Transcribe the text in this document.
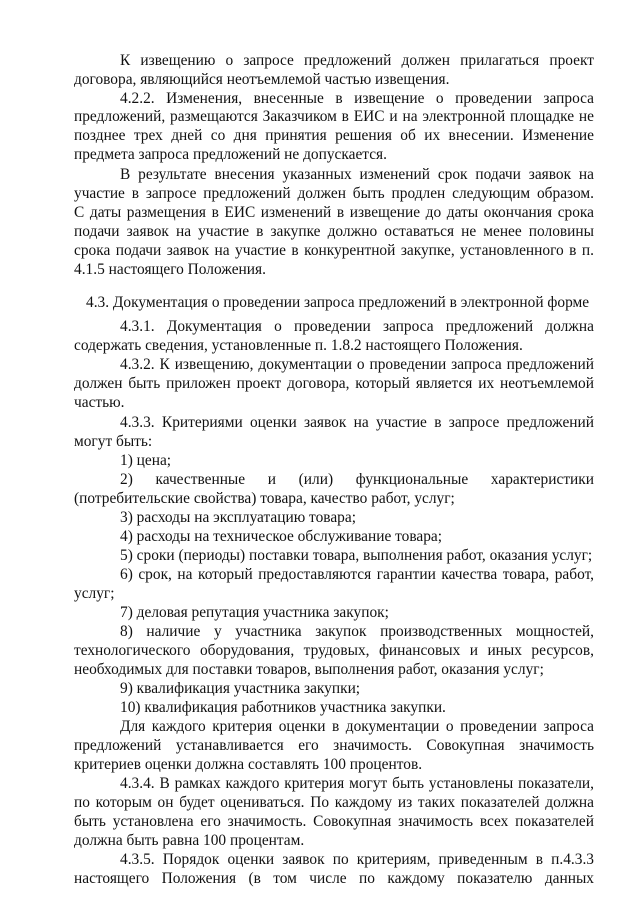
К извещению о запросе предложений должен прилагаться проект
договора, являющийся неотъемлемой частью извещения.
4.2.2. Изменения, внесенные в извещение о проведении запроса
предложений, размещаются Заказчиком в ЕИС и на электронной площадке не
позднее трех дней со дня принятия решения об их внесении. Изменение
предмета запроса предложений не допускается.
В результате внесения указанных изменений срок подачи заявок на
участие в запросе предложений должен быть продлен следующим образом.
С даты размещения в ЕИС изменений в извещение до даты окончания срока
подачи заявок на участие в закупке должно оставаться не менее половины
срока подачи заявок на участие в конкурентной закупке, установленного в п.
4.1.5 настоящего Положения.
4.3. Документация о проведении запроса предложений в электронной форме
4.3.1. Документация о проведении запроса предложений должна
содержать сведения, установленные п. 1.8.2 настоящего Положения.
4.3.2. К извещению, документации о проведении запроса предложений
должен быть приложен проект договора, который является их неотъемлемой
частью.
4.3.3. Критериями оценки заявок на участие в запросе предложений
могут быть:
1) цена;
2) качественные и (или) функциональные характеристики
(потребительские свойства) товара, качество работ, услуг;
3) расходы на эксплуатацию товара;
4) расходы на техническое обслуживание товара;
5) сроки (периоды) поставки товара, выполнения работ, оказания услуг;
6) срок, на который предоставляются гарантии качества товара, работ,
услуг;
7) деловая репутация участника закупок;
8) наличие у участника закупок производственных мощностей,
технологического оборудования, трудовых, финансовых и иных ресурсов,
необходимых для поставки товаров, выполнения работ, оказания услуг;
9) квалификация участника закупки;
10) квалификация работников участника закупки.
Для каждого критерия оценки в документации о проведении запроса
предложений устанавливается его значимость. Совокупная значимость
критериев оценки должна составлять 100 процентов.
4.3.4. В рамках каждого критерия могут быть установлены показатели,
по которым он будет оцениваться. По каждому из таких показателей должна
быть установлена его значимость. Совокупная значимость всех показателей
должна быть равна 100 процентам.
4.3.5. Порядок оценки заявок по критериям, приведенным в п.4.3.3
настоящего Положения (в том числе по каждому показателю данных
